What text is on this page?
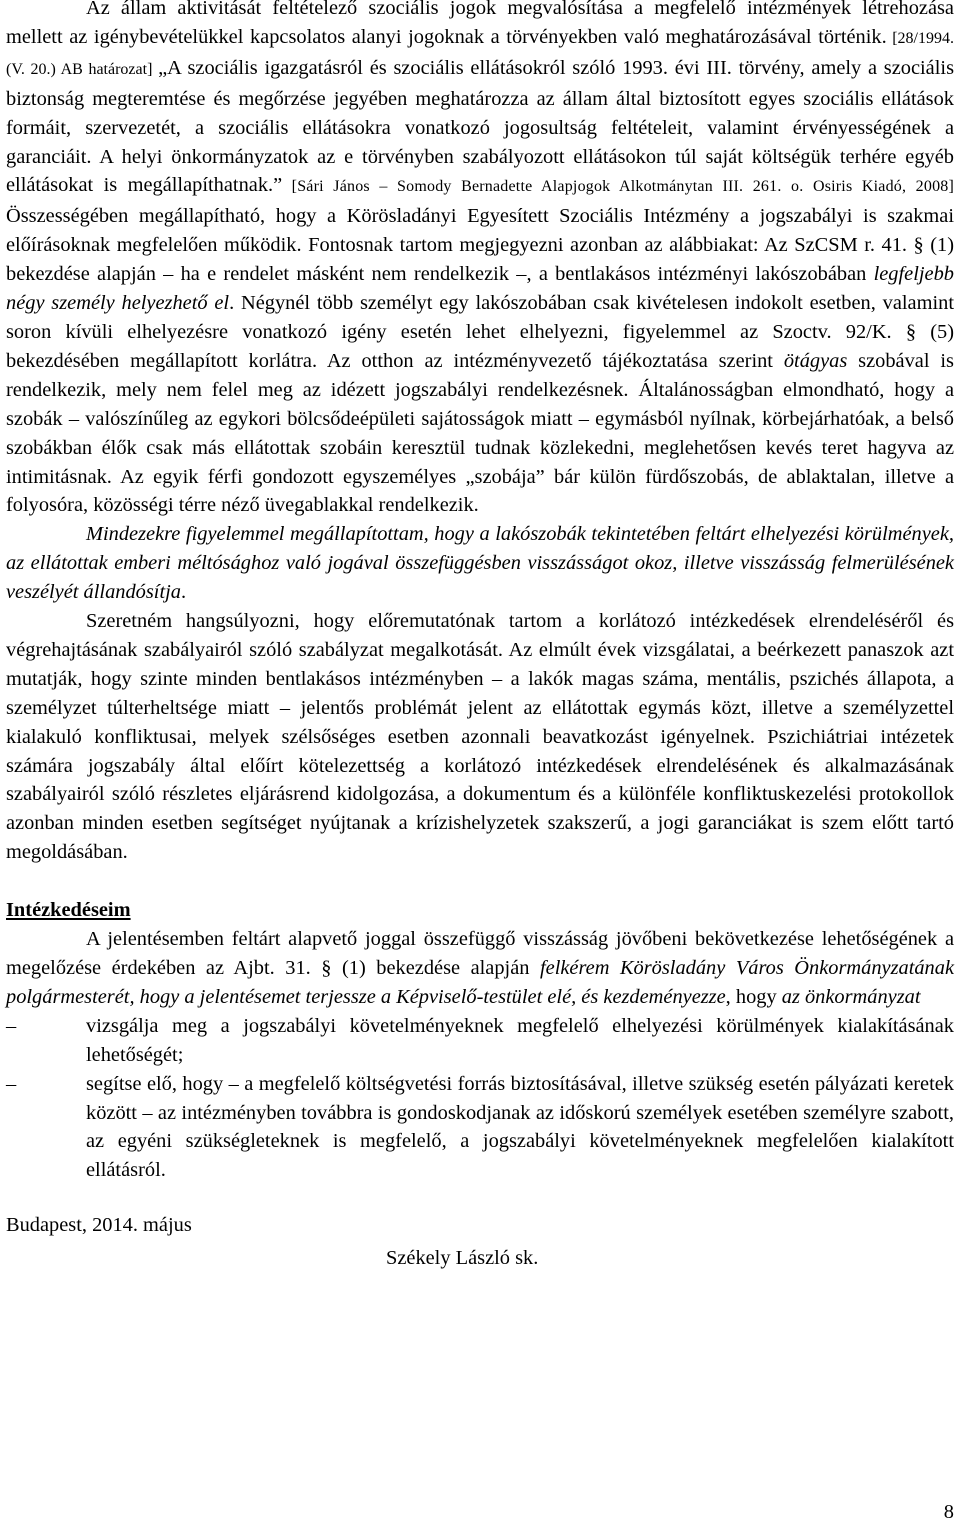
Az állam aktivitását feltételező szociális jogok megvalósítása a megfelelő intézmények létrehozása mellett az igénybevételükkel kapcsolatos alanyi jogoknak a törvényekben való meghatározásával történik. [28/1994. (V. 20.) AB határozat] „A szociális igazgatásról és szociális ellátásokról szóló 1993. évi III. törvény, amely a szociális biztonság megteremtése és megőrzése jegyében meghatározza az állam által biztosított egyes szociális ellátások formáit, szervezetét, a szociális ellátásokra vonatkozó jogosultság feltételeit, valamint érvényességének a garanciáit. A helyi önkormányzatok az e törvényben szabályozott ellátásokon túl saját költségük terhére egyéb ellátásokat is megállapíthatnak.” [Sári János – Somody Bernadette Alapjogok Alkotmánytan III. 261. o. Osiris Kiadó, 2008] Összességében megállapítható, hogy a Körösladányi Egyesített Szociális Intézmény a jogszabályi is szakmai előírásoknak megfelelően működik. Fontosnak tartom megjegyezni azonban az alábbiakat: Az SzCSM r. 41. § (1) bekezdése alapján – ha e rendelet másként nem rendelkezik –, a bentlakásos intézményi lakószobában legfeljebb négy személy helyezhető el. Négynél több személyt egy lakószobában csak kivételesen indokolt esetben, valamint soron kívüli elhelyezésre vonatkozó igény esetén lehet elhelyezni, figyelemmel az Szoctv. 92/K. § (5) bekezdésében megállapított korlátra. Az otthon az intézményvezető tájékoztatása szerint ötágyas szobával is rendelkezik, mely nem felel meg az idézett jogszabályi rendelkezésnek. Általánosságban elmondható, hogy a szobák – valószínűleg az egykori bölcsődeépületi sajátosságok miatt – egymásból nyílnak, körbejárhatóak, a belső szobákban élők csak más ellátottak szobáin keresztül tudnak közlekedni, meglehetősen kevés teret hagyva az intimitásnak. Az egyik férfi gondozott egyszemélyes „szobája” bár külön fürdőszobás, de ablaktalan, illetve a folyosóra, közösségi térre néző üvegablakkal rendelkezik.

Mindezekre figyelemmel megállapítottam, hogy a lakószobák tekintetében feltárt elhelyezési körülmények, az ellátottak emberi méltósághoz való jogával összefüggésben visszásságot okoz, illetve visszásság felmerülésének veszélyét állandósítja.

Szeretném hangsúlyozni, hogy előremutatónak tartom a korlátozó intézkedések elrendeléséről és végrehajtásának szabályairól szóló szabályzat megalkotását. Az elmúlt évek vizsgálatai, a beérkezett panaszok azt mutatják, hogy szinte minden bentlakásos intézményben – a lakók magas száma, mentális, pszichés állapota, a személyzet túlterheltsége miatt – jelentős problémát jelent az ellátottak egymás közt, illetve a személyzettel kialakuló konfliktusai, melyek szélsőséges esetben azonnali beavatkozást igényelnek. Pszichiátriai intézetek számára jogszabály által előírt kötelezettség a korlátozó intézkedések elrendelésének és alkalmazásának szabályairól szóló részletes eljárásrend kidolgozása, a dokumentum és a különféle konfliktuskezelési protokollok azonban minden esetben segítséget nyújtanak a krízishelyzetek szakszerű, a jogi garanciákat is szem előtt tartó megoldásában.

Intézkedéseim

A jelentésemben feltárt alapvető joggal összefüggő visszásság jövőbeni bekövetkezése lehetőségének a megelőzése érdekében az Ajbt. 31. § (1) bekezdése alapján felkérem Körösladány Város Önkormányzatának polgármesterét, hogy a jelentésemet terjessze a Képviselő-testület elé, és kezdeményezze, hogy az önkormányzat

–	vizsgálja meg a jogszabályi követelményeknek megfelelő elhelyezési körülmények kialakításának lehetőségét;
–	segítse elő, hogy – a megfelelő költségvetési forrás biztosításával, illetve szükség esetén pályázati keretek között – az intézményben továbbra is gondoskodjanak az időskorú személyek esetében személyre szabott, az egyéni szükségleteknek is megfelelő, a jogszabályi követelményeknek megfelelően kialakított ellátásról.

Budapest, 2014. május

Székely László sk.

8
